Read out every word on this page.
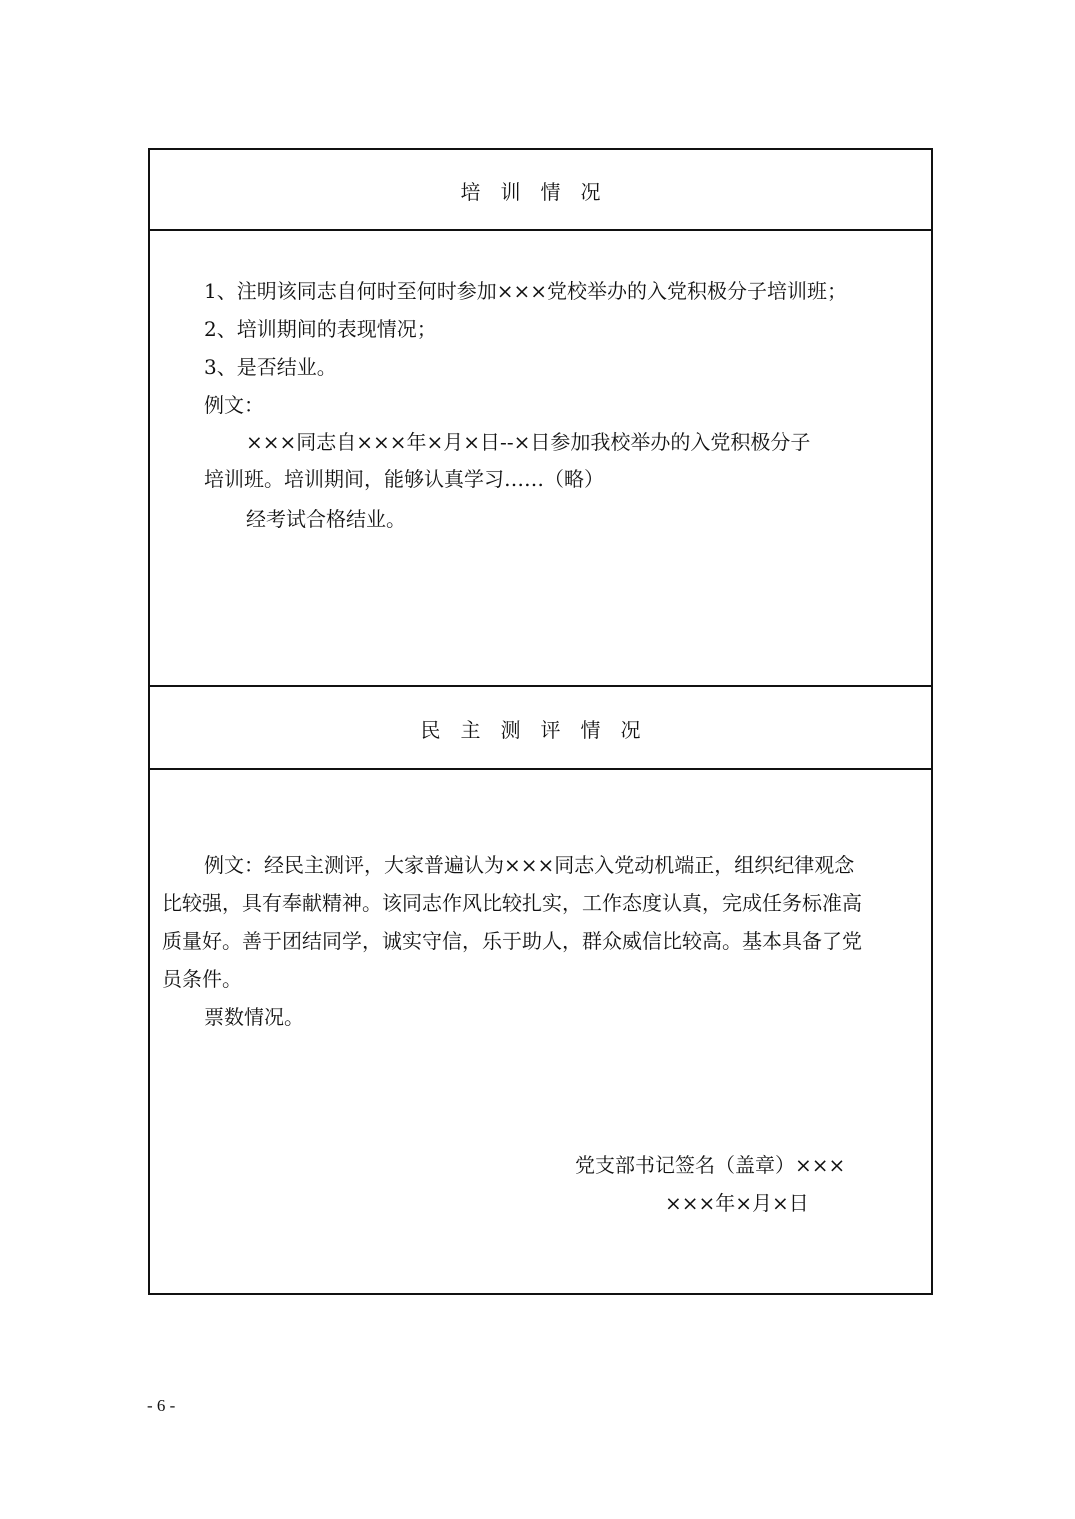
培训情况
1、注明该同志自何时至何时参加×××党校举办的入党积极分子培训班；
2、培训期间的表现情况；
3、是否结业。
例文：
×××同志自×××年×月×日--×日参加我校举办的入党积极分子
培训班。培训期间，能够认真学习……（略）
经考试合格结业。
民主测评情况
例文：经民主测评，大家普遍认为×××同志入党动机端正，组织纪律观念
比较强，具有奉献精神。该同志作风比较扎实，工作态度认真，完成任务标准高
质量好。善于团结同学，诚实守信，乐于助人，群众威信比较高。基本具备了党
员条件。
票数情况。
党支部书记签名（盖章）×××
×××年×月×日
- 6 -
